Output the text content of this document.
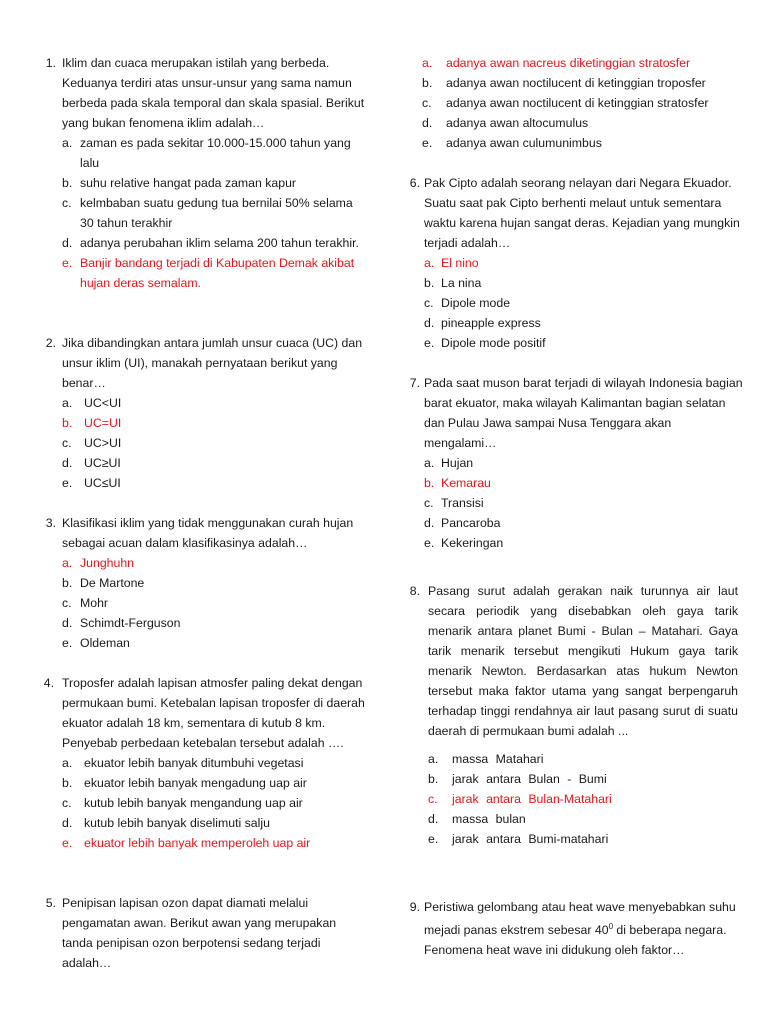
1. Iklim dan cuaca merupakan istilah yang berbeda. Keduanya terdiri atas unsur-unsur yang sama namun berbeda pada skala temporal dan skala spasial. Berikut yang bukan fenomena iklim adalah…
a. zaman es pada sekitar 10.000-15.000 tahun yang lalu
b. suhu relative hangat pada zaman kapur
c. kelmbaban suatu gedung tua bernilai 50% selama 30 tahun terakhir
d. adanya perubahan iklim selama 200 tahun terakhir.
e. Banjir bandang terjadi di Kabupaten Demak akibat hujan deras semalam.
2. Jika dibandingkan antara jumlah unsur cuaca (UC) dan unsur iklim (UI), manakah pernyataan berikut yang benar…
a. UC<UI
b. UC=UI
c. UC>UI
d. UC≥UI
e. UC≤UI
3. Klasifikasi iklim yang tidak menggunakan curah hujan sebagai acuan dalam klasifikasinya adalah…
a. Junghuhn
b. De Martone
c. Mohr
d. Schimdt-Ferguson
e. Oldeman
4. Troposfer adalah lapisan atmosfer paling dekat dengan permukaan bumi. Ketebalan lapisan troposfer di daerah ekuator adalah 18 km, sementara di kutub 8 km. Penyebab perbedaan ketebalan tersebut adalah ….
a. ekuator lebih banyak ditumbuhi vegetasi
b. ekuator lebih banyak mengadung uap air
c. kutub lebih banyak mengandung uap air
d. kutub lebih banyak diselimuti salju
e. ekuator lebih banyak memperoleh uap air
5. Penipisan lapisan ozon dapat diamati melalui pengamatan awan. Berikut awan yang merupakan tanda penipisan ozon berpotensi sedang terjadi adalah…
a. adanya awan nacreus diketinggian stratosfer
b. adanya awan noctilucent di ketinggian troposfer
c. adanya awan noctilucent di ketinggian stratosfer
d. adanya awan altocumulus
e. adanya awan culumunimbus
6. Pak Cipto adalah seorang nelayan dari Negara Ekuador. Suatu saat pak Cipto berhenti melaut untuk sementara waktu karena hujan sangat deras. Kejadian yang mungkin terjadi adalah…
a. El nino
b. La nina
c. Dipole mode
d. pineapple express
e. Dipole mode positif
7. Pada saat muson barat terjadi di wilayah Indonesia bagian barat ekuator, maka wilayah Kalimantan bagian selatan dan Pulau Jawa sampai Nusa Tenggara akan mengalami…
a. Hujan
b. Kemarau
c. Transisi
d. Pancaroba
e. Kekeringan
8. Pasang surut adalah gerakan naik turunnya air laut secara periodik yang disebabkan oleh gaya tarik menarik antara planet Bumi - Bulan – Matahari. Gaya tarik menarik tersebut mengikuti Hukum gaya tarik menarik Newton. Berdasarkan atas hukum Newton tersebut maka faktor utama yang sangat berpengaruh terhadap tinggi rendahnya air laut pasang surut di suatu daerah di permukaan bumi adalah ...
a. massa Matahari
b. jarak antara Bulan - Bumi
c. jarak antara Bulan-Matahari
d. massa bulan
e. jarak antara Bumi-matahari
9. Peristiwa gelombang atau heat wave menyebabkan suhu mejadi panas ekstrem sebesar $40^0$ di beberapa negara. Fenomena heat wave ini didukung oleh faktor…
